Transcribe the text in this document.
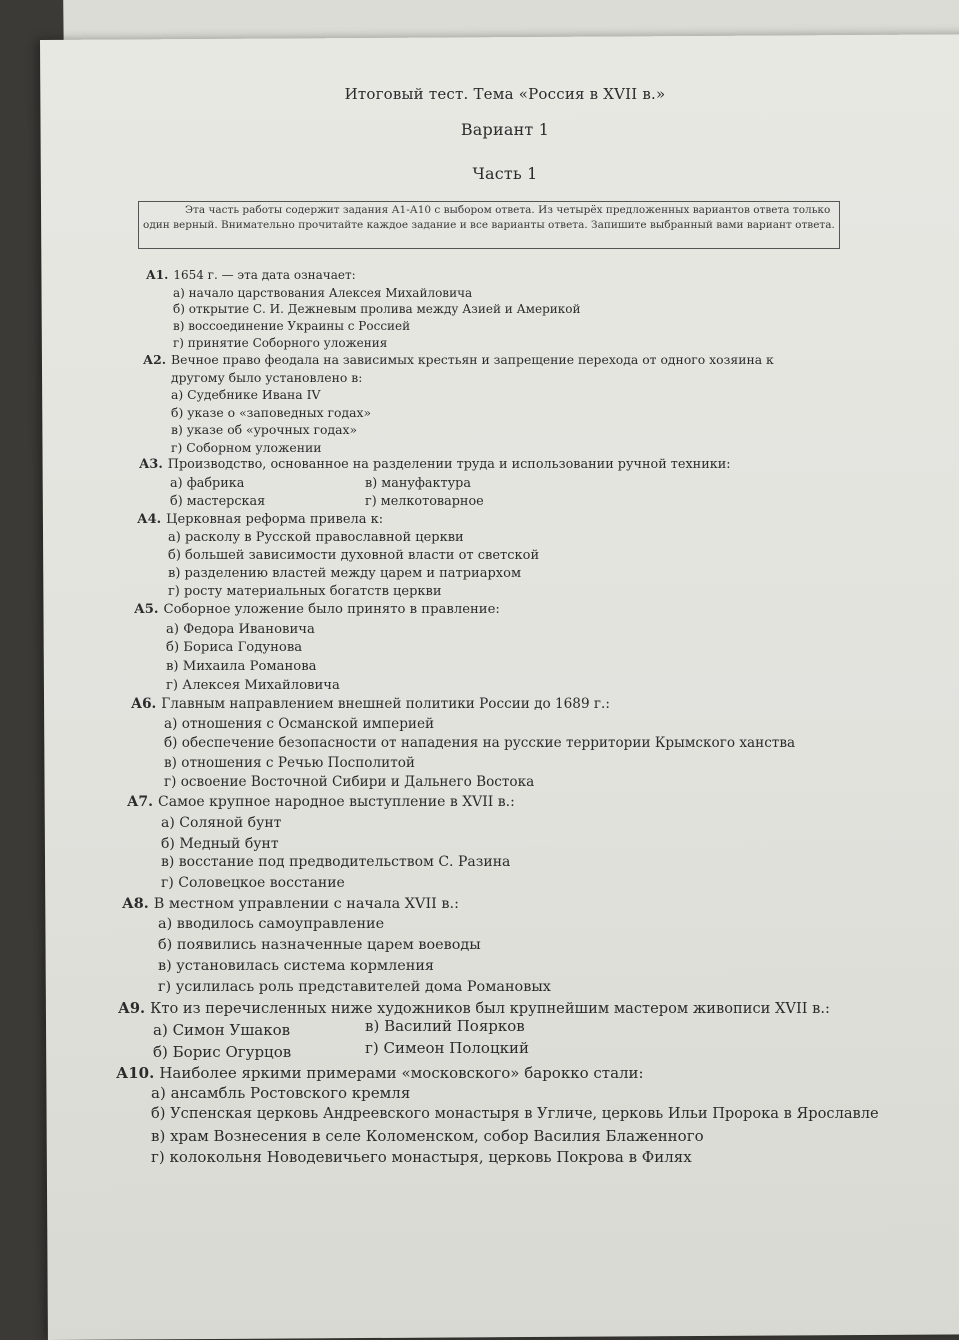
Итоговый тест. Тема «Россия в XVII в.»
Вариант 1
Часть 1
Эта часть работы содержит задания А1-А10 с выбором ответа. Из четырёх предложенных вариантов ответа только один верный. Внимательно прочитайте каждое задание и все варианты ответа. Запишите выбранный вами вариант ответа.
А1. 1654 г. — эта дата означает:
а) начало царствования Алексея Михайловича
б) открытие С. И. Дежневым пролива между Азией и Америкой
в) воссоединение Украины с Россией
г) принятие Соборного уложения
А2. Вечное право феодала на зависимых крестьян и запрещение перехода от одного хозяина к
другому было установлено в:
а) Судебнике Ивана IV
б) указе о «заповедных годах»
в) указе об «урочных годах»
г) Соборном уложении
А3. Производство, основанное на разделении труда и использовании ручной техники:
а) фабрика
б) мастерская
в) мануфактура
г) мелкотоварное
А4. Церковная реформа привела к:
а) расколу в Русской православной церкви
б) большей зависимости духовной власти от светской
в) разделению властей между царем и патриархом
г) росту материальных богатств церкви
А5. Соборное уложение было принято в правление:
а) Федора Ивановича
б) Бориса Годунова
в) Михаила Романова
г) Алексея Михайловича
А6. Главным направлением внешней политики России до 1689 г.:
а) отношения с Османской империей
б) обеспечение безопасности от нападения на русские территории Крымского ханства
в) отношения с Речью Посполитой
г) освоение Восточной Сибири и Дальнего Востока
А7. Самое крупное народное выступление в XVII в.:
а) Соляной бунт
б) Медный бунт
в) восстание под предводительством С. Разина
г) Соловецкое восстание
А8. В местном управлении с начала XVII в.:
а) вводилось самоуправление
б) появились назначенные царем воеводы
в) установилась система кормления
г) усилилась роль представителей дома Романовых
А9. Кто из перечисленных ниже художников был крупнейшим мастером живописи XVII в.:
а) Симон Ушаков
б) Борис Огурцов
в) Василий Поярков
г) Симеон Полоцкий
А10. Наиболее яркими примерами «московского» барокко стали:
а) ансамбль Ростовского кремля
б) Успенская церковь Андреевского монастыря в Угличе, церковь Ильи Пророка в Ярославле
в) храм Вознесения в селе Коломенском, собор Василия Блаженного
г) колокольня Новодевичьего монастыря, церковь Покрова в Филях
